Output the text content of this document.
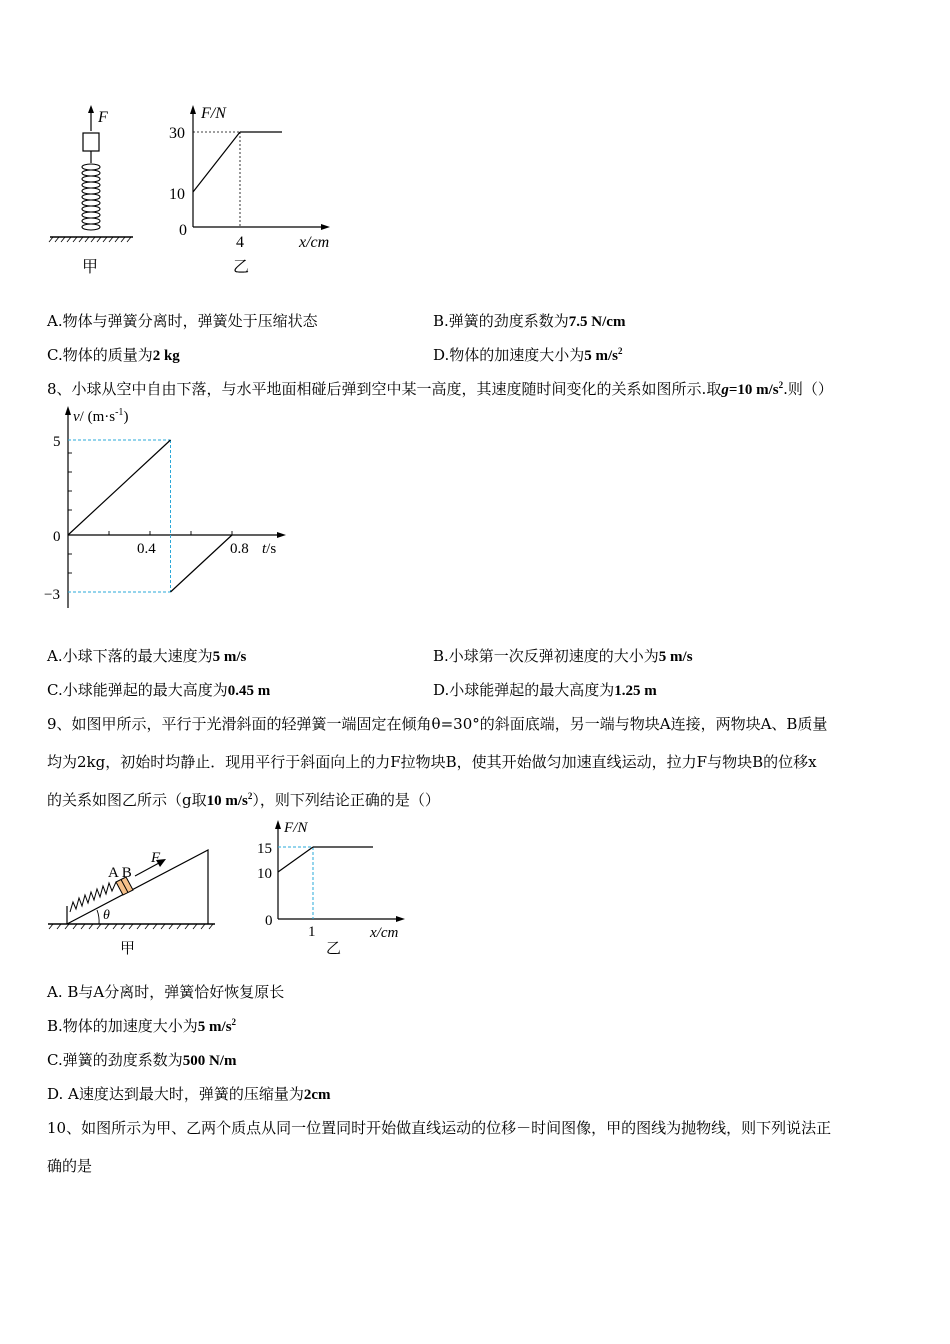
F
甲
F/N
30
10
0
4	x/cm
乙
A.物体与弹簧分离时，弹簧处于压缩状态	B.弹簧的劲度系数为7.5 N/cm
C.物体的质量为2 kg	D.物体的加速度大小为5 $m/s^2$
8、小球从空中自由下落，与水平地面相碰后弹到空中某一高度，其速度随时间变化的关系如图所示.取g=10 $m/s^2$.则（）
v/ $(m\cdot s^{-1})$
5
0
−3
0.4	0.8 t/s
A.小球下落的最大速度为5 m/s	B.小球第一次反弹初速度的大小为5 m/s
C.小球能弹起的最大高度为0.45 m	D.小球能弹起的最大高度为1.25 m
9、如图甲所示，平行于光滑斜面的轻弹簧一端固定在倾角θ=30°的斜面底端，另一端与物块A连接，两物块A、B质量
均为2kg，初始时均静止．现用平行于斜面向上的力F拉物块B，使其开始做匀加速直线运动，拉力F与物块B的位移x
的关系如图乙所示（g取10 $m/s^2$），则下列结论正确的是（）
A B
F
θ
甲
F/N
15
10
0
1	x/cm
乙
A. B与A分离时，弹簧恰好恢复原长
B.物体的加速度大小为5 $m/s^2$
C.弹簧的劲度系数为500 N/m
D. A速度达到最大时，弹簧的压缩量为2cm
10、如图所示为甲、乙两个质点从同一位置同时开始做直线运动的位移－时间图像，甲的图线为抛物线，则下列说法正
确的是
